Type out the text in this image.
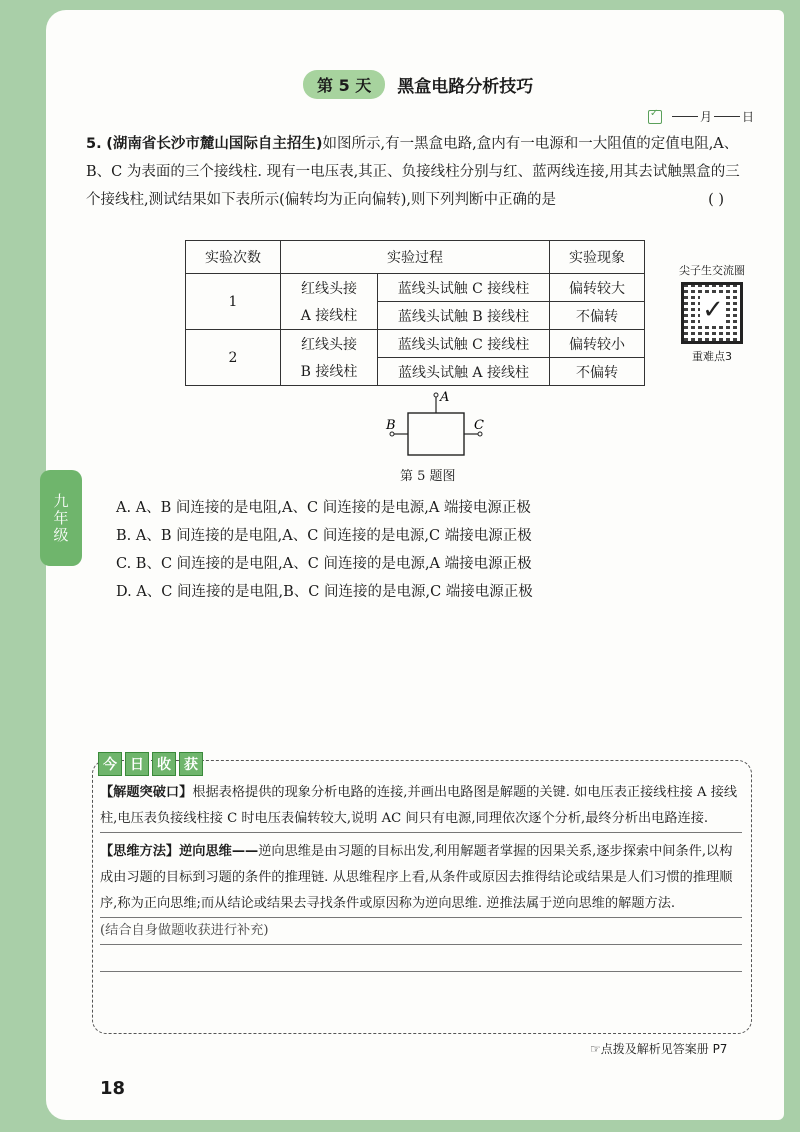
九年级
第 5 天	黑盒电路分析技巧
✓
月	日
5. (湖南省长沙市麓山国际自主招生)如图所示,有一黑盒电路,盒内有一电源和一大阻值的定值电阻,A、B、C 为表面的三个接线柱. 现有一电压表,其正、负接线柱分别与红、蓝两线连接,用其去试触黑盒的三个接线柱,测试结果如下表所示(偏转均为正向偏转),则下列判断中正确的是	( )
实验次数	实验过程		实验现象
1	红线头接	蓝线头试触 C 接线柱	偏转较大
	A 接线柱	蓝线头试触 B 接线柱	不偏转
2	红线头接	蓝线头试触 C 接线柱	偏转较小
	B 接线柱	蓝线头试触 A 接线柱	不偏转
尖子生交流圈
✓
重难点3
A
B	C
第 5 题图
A. A、B 间连接的是电阻,A、C 间连接的是电源,A 端接电源正极
B. A、B 间连接的是电阻,A、C 间连接的是电源,C 端接电源正极
C. B、C 间连接的是电阻,A、C 间连接的是电源,A 端接电源正极
D. A、C 间连接的是电阻,B、C 间连接的是电源,C 端接电源正极
今 日 收 获
【解题突破口】根据表格提供的现象分析电路的连接,并画出电路图是解题的关键. 如电压表正接线柱接 A 接线柱,电压表负接线柱接 C 时电压表偏转较大,说明 AC 间只有电源,同理依次逐个分析,最终分析出电路连接.
【思维方法】逆向思维——逆向思维是由习题的目标出发,利用解题者掌握的因果关系,逐步探索中间条件,以构成由习题的目标到习题的条件的推理链. 从思维程序上看,从条件或原因去推得结论或结果是人们习惯的推理顺序,称为正向思维;而从结论或结果去寻找条件或原因称为逆向思维. 逆推法属于逆向思维的解题方法.
(结合自身做题收获进行补充)
☞点拨及解析见答案册 P7
18
